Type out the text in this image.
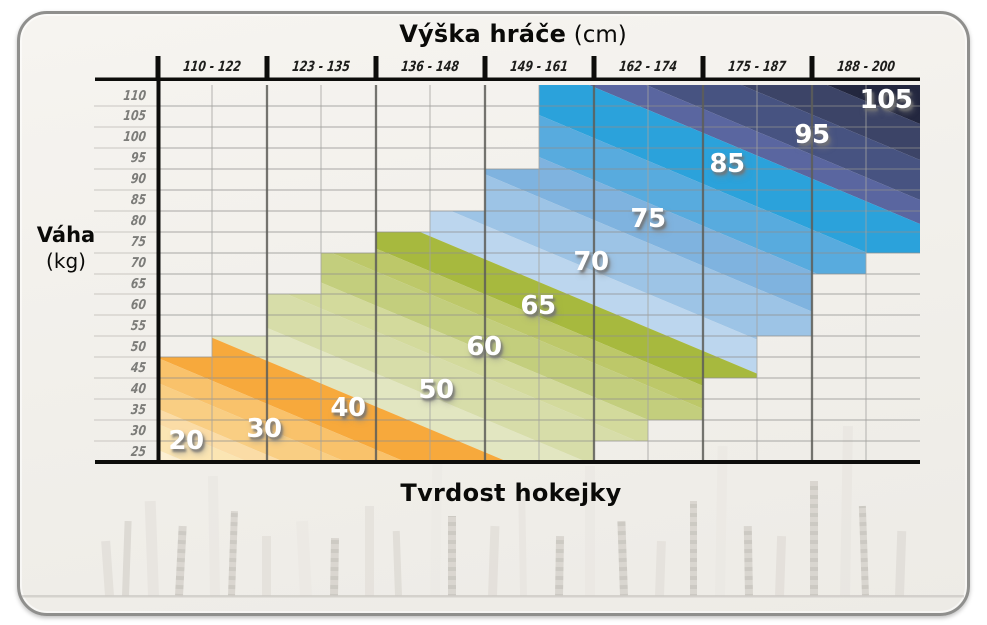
Výška hráče (cm)
110 - 122	123 - 135	136 - 148	149 - 161	162 - 174	175 - 187	188 - 200
Váha
(kg)
110
105
100
95
90
85
80
75
70
65
60
55
50
45
40
35
30
25 20 30
40
50
60
65
70
75
85
95
105
Tvrdost hokejky
